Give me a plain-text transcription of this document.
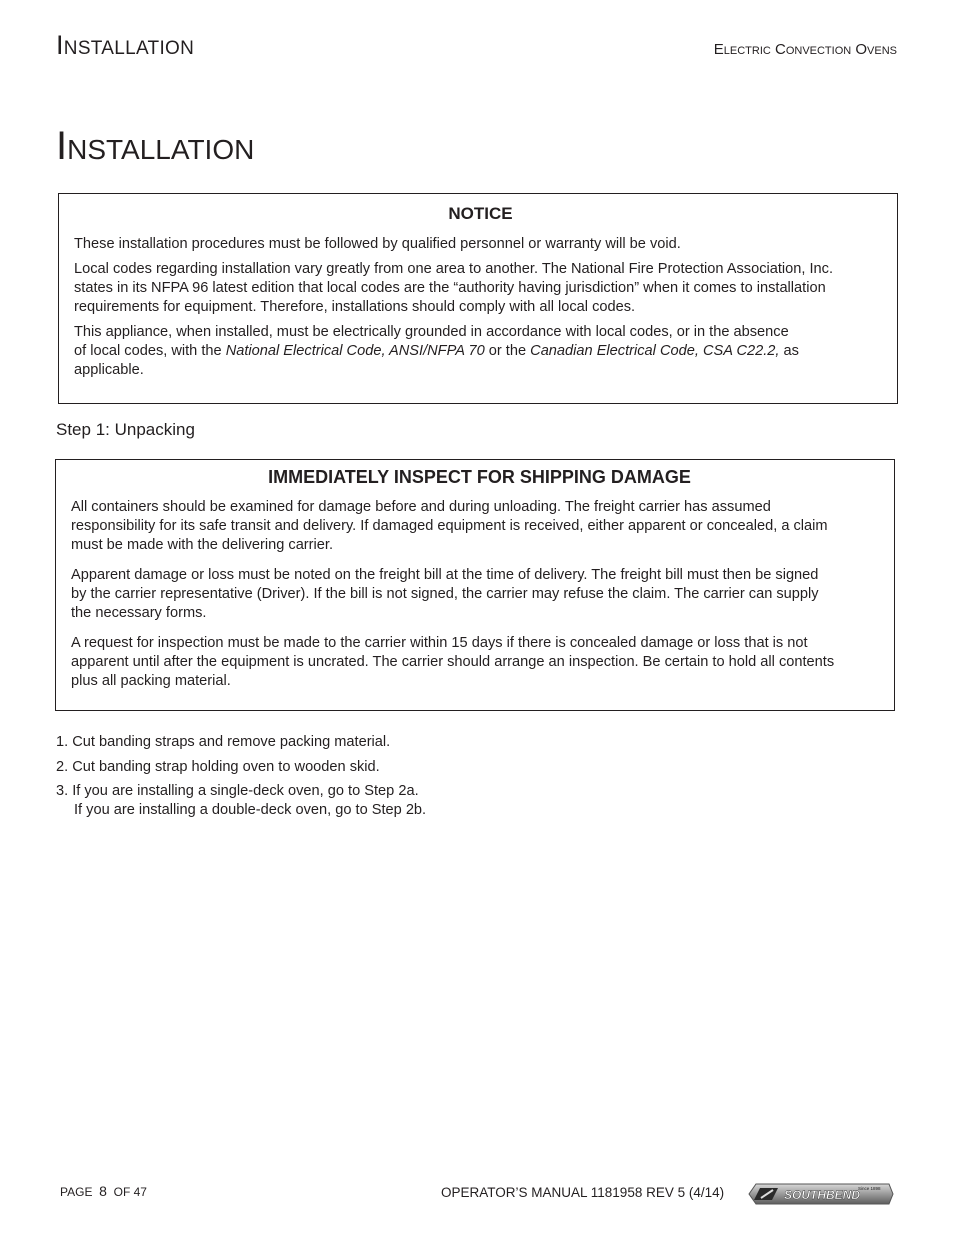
Installation	Electric Convection Ovens
Installation
NOTICE

These installation procedures must be followed by qualified personnel or warranty will be void.

Local codes regarding installation vary greatly from one area to another. The National Fire Protection Association, Inc.
states in its NFPA 96 latest edition that local codes are the “authority having jurisdiction” when it comes to installation
requirements for equipment. Therefore, installations should comply with all local codes.

This appliance, when installed, must be electrically grounded in accordance with local codes, or in the absence
of local codes, with the National Electrical Code, ANSI/NFPA 70 or the Canadian Electrical Code, CSA C22.2, as
applicable.

Step 1: Unpacking
IMMEDIATELY INSPECT FOR SHIPPING DAMAGE

All containers should be examined for damage before and during unloading. The freight carrier has assumed
responsibility for its safe transit and delivery. If damaged equipment is received, either apparent or concealed, a claim
must be made with the delivering carrier.

Apparent damage or loss must be noted on the freight bill at the time of delivery. The freight bill must then be signed
by the carrier representative (Driver). If the bill is not signed, the carrier may refuse the claim. The carrier can supply
the necessary forms.

A request for inspection must be made to the carrier within 15 days if there is concealed damage or loss that is not
apparent until after the equipment is uncrated. The carrier should arrange an inspection. Be certain to hold all contents
plus all packing material.

1. Cut banding straps and remove packing material.
2. Cut banding strap holding oven to wooden skid.
3. If you are installing a single-deck oven, go to Step 2a.
If you are installing a double-deck oven, go to Step 2b.
PAGE 8 OF 47	OPERATOR’S MANUAL 1181958 REV 5 (4/14)	SOUTHBEND
Since 1898
